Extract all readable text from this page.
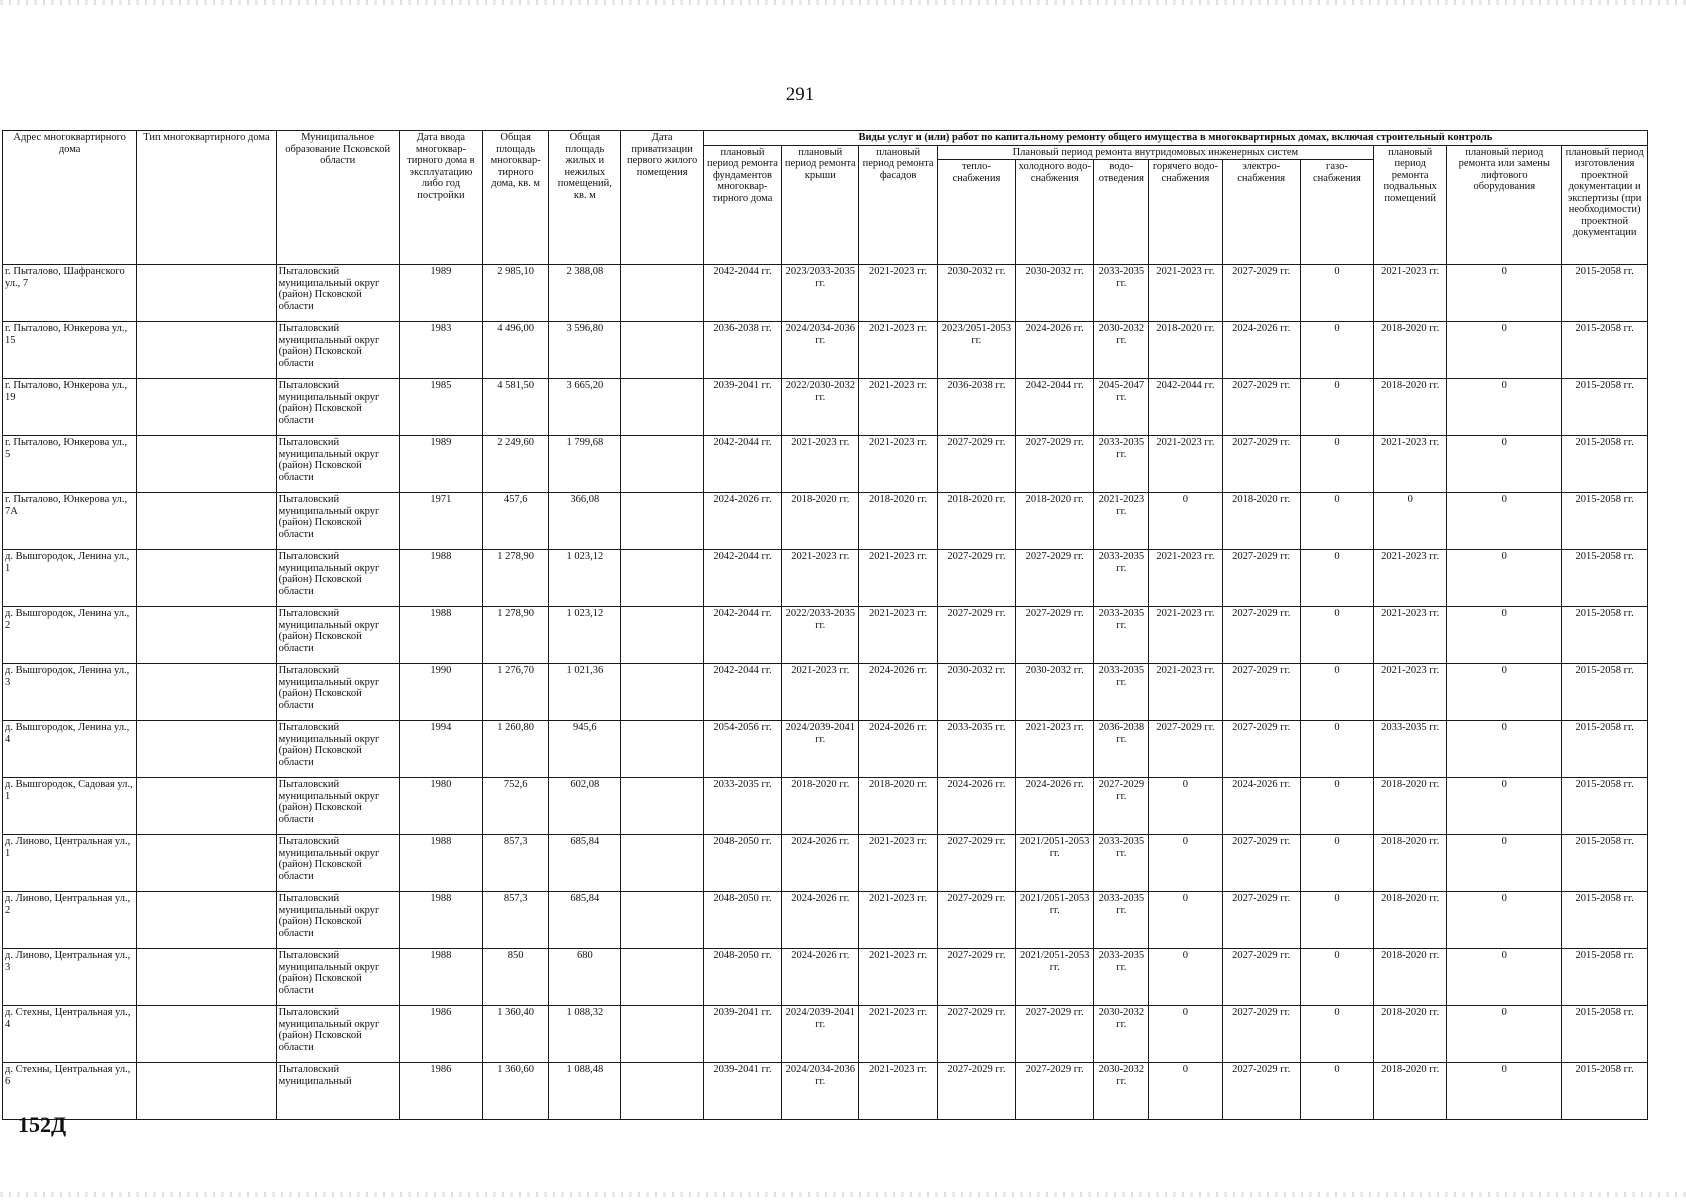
291
Адрес многоквартирного дома	Тип многоквартирного дома	Муниципальное образование Псковской области	Дата ввода многоквар-тирного дома в эксплуатацию либо год постройки	Общая площадь многоквар-тирного дома, кв. м	Общая площадь жилых и нежилых помещений, кв. м	Дата приватизации первого жилого помещения	Виды услуг и (или) работ по капитальному ремонту общего имущества в многоквартирных домах, включая строительный контроль											
							плановый период ремонта фундаментов многоквар-тирного дома	плановый период ремонта крыши	плановый период ремонта фасадов	Плановый период ремонта внутридомовых инженерных систем						плановый период ремонта подвальных помещений	плановый период ремонта или замены лифтового оборудования	плановый период изготовления проектной документации и экспертизы (при необходимости) проектной документации
										тепло-снабжения	холодного водо-снабжения	водо-отведения	горячего водо-снабжения	электро-снабжения	газо-снабжения			
г. Пыталово, Шафранского ул., 7		Пыталовский муниципальный округ (район) Псковской области	1989	2 985,10	2 388,08		2042-2044 гг.	2023/2033-2035 гг.	2021-2023 гг.	2030-2032 гг.	2030-2032 гг.	2033-2035 гг.	2021-2023 гг.	2027-2029 гг.	0	2021-2023 гг.	0	2015-2058 гг.
г. Пыталово, Юнкерова ул., 15		Пыталовский муниципальный округ (район) Псковской области	1983	4 496,00	3 596,80		2036-2038 гг.	2024/2034-2036 гг.	2021-2023 гг.	2023/2051-2053 гг.	2024-2026 гг.	2030-2032 гг.	2018-2020 гг.	2024-2026 гг.	0	2018-2020 гг.	0	2015-2058 гг.
г. Пыталово, Юнкерова ул., 19		Пыталовский муниципальный округ (район) Псковской области	1985	4 581,50	3 665,20		2039-2041 гг.	2022/2030-2032 гг.	2021-2023 гг.	2036-2038 гг.	2042-2044 гг.	2045-2047 гг.	2042-2044 гг.	2027-2029 гг.	0	2018-2020 гг.	0	2015-2058 гг.
г. Пыталово, Юнкерова ул., 5		Пыталовский муниципальный округ (район) Псковской области	1989	2 249,60	1 799,68		2042-2044 гг.	2021-2023 гг.	2021-2023 гг.	2027-2029 гг.	2027-2029 гг.	2033-2035 гг.	2021-2023 гг.	2027-2029 гг.	0	2021-2023 гг.	0	2015-2058 гг.
г. Пыталово, Юнкерова ул., 7А		Пыталовский муниципальный округ (район) Псковской области	1971	457,6	366,08		2024-2026 гг.	2018-2020 гг.	2018-2020 гг.	2018-2020 гг.	2018-2020 гг.	2021-2023 гг.	0	2018-2020 гг.	0	0	0	2015-2058 гг.
д. Вышгородок, Ленина ул., 1		Пыталовский муниципальный округ (район) Псковской области	1988	1 278,90	1 023,12		2042-2044 гг.	2021-2023 гг.	2021-2023 гг.	2027-2029 гг.	2027-2029 гг.	2033-2035 гг.	2021-2023 гг.	2027-2029 гг.	0	2021-2023 гг.	0	2015-2058 гг.
д. Вышгородок, Ленина ул., 2		Пыталовский муниципальный округ (район) Псковской области	1988	1 278,90	1 023,12		2042-2044 гг.	2022/2033-2035 гг.	2021-2023 гг.	2027-2029 гг.	2027-2029 гг.	2033-2035 гг.	2021-2023 гг.	2027-2029 гг.	0	2021-2023 гг.	0	2015-2058 гг.
д. Вышгородок, Ленина ул., 3		Пыталовский муниципальный округ (район) Псковской области	1990	1 276,70	1 021,36		2042-2044 гг.	2021-2023 гг.	2024-2026 гг.	2030-2032 гг.	2030-2032 гг.	2033-2035 гг.	2021-2023 гг.	2027-2029 гг.	0	2021-2023 гг.	0	2015-2058 гг.
д. Вышгородок, Ленина ул., 4		Пыталовский муниципальный округ (район) Псковской области	1994	1 260,80	945,6		2054-2056 гг.	2024/2039-2041 гг.	2024-2026 гг.	2033-2035 гг.	2021-2023 гг.	2036-2038 гг.	2027-2029 гг.	2027-2029 гг.	0	2033-2035 гг.	0	2015-2058 гг.
д. Вышгородок, Садовая ул., 1		Пыталовский муниципальный округ (район) Псковской области	1980	752,6	602,08		2033-2035 гг.	2018-2020 гг.	2018-2020 гг.	2024-2026 гг.	2024-2026 гг.	2027-2029 гг.	0	2024-2026 гг.	0	2018-2020 гг.	0	2015-2058 гг.
д. Линово, Центральная ул., 1		Пыталовский муниципальный округ (район) Псковской области	1988	857,3	685,84		2048-2050 гг.	2024-2026 гг.	2021-2023 гг.	2027-2029 гг.	2021/2051-2053 гг.	2033-2035 гг.	0	2027-2029 гг.	0	2018-2020 гг.	0	2015-2058 гг.
д. Линово, Центральная ул., 2		Пыталовский муниципальный округ (район) Псковской области	1988	857,3	685,84		2048-2050 гг.	2024-2026 гг.	2021-2023 гг.	2027-2029 гг.	2021/2051-2053 гг.	2033-2035 гг.	0	2027-2029 гг.	0	2018-2020 гг.	0	2015-2058 гг.
д. Линово, Центральная ул., 3		Пыталовский муниципальный округ (район) Псковской области	1988	850	680		2048-2050 гг.	2024-2026 гг.	2021-2023 гг.	2027-2029 гг.	2021/2051-2053 гг.	2033-2035 гг.	0	2027-2029 гг.	0	2018-2020 гг.	0	2015-2058 гг.
д. Стехны, Центральная ул., 4		Пыталовский муниципальный округ (район) Псковской области	1986	1 360,40	1 088,32		2039-2041 гг.	2024/2039-2041 гг.	2021-2023 гг.	2027-2029 гг.	2027-2029 гг.	2030-2032 гг.	0	2027-2029 гг.	0	2018-2020 гг.	0	2015-2058 гг.
д. Стехны, Центральная ул., 6		Пыталовский муниципальный	1986	1 360,60	1 088,48		2039-2041 гг.	2024/2034-2036 гг.	2021-2023 гг.	2027-2029 гг.	2027-2029 гг.	2030-2032 гг.	0	2027-2029 гг.	0	2018-2020 гг.	0	2015-2058 гг.
152Д
